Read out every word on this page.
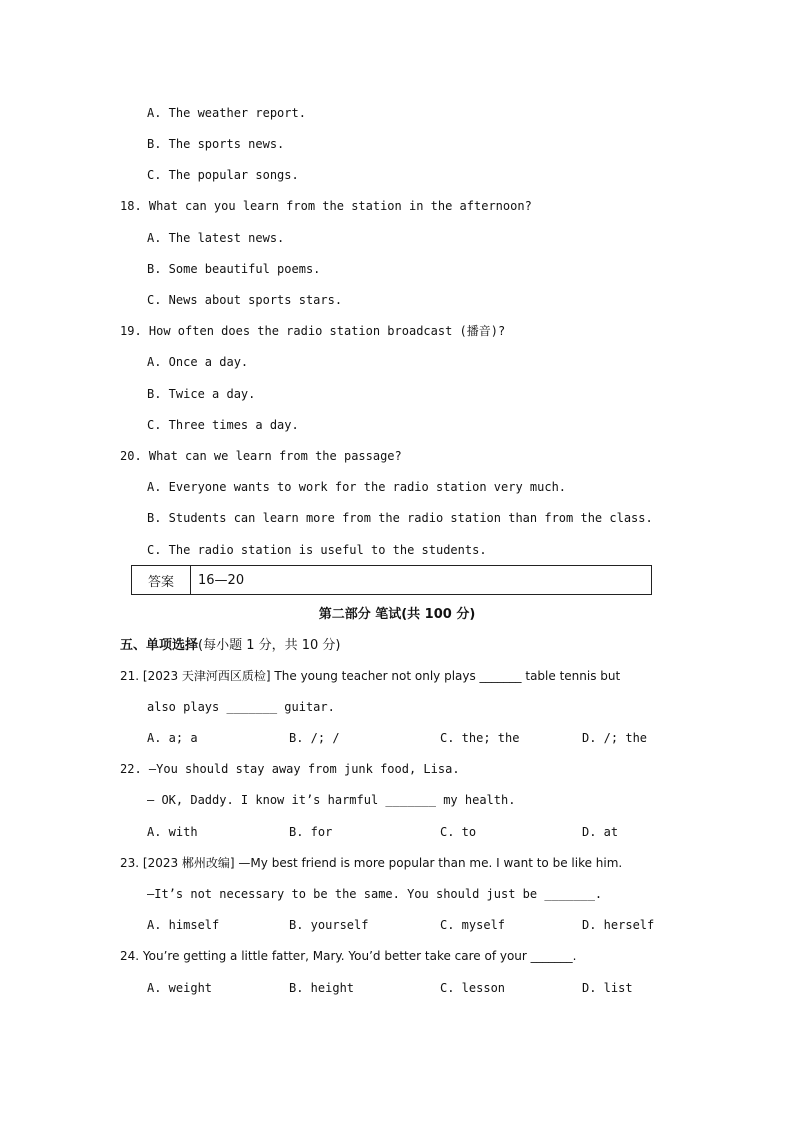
A. The weather report.
B. The sports news.
C. The popular songs.
18. What can you learn from the station in the afternoon?
A. The latest news.
B. Some beautiful poems.
C. News about sports stars.
19. How often does the radio station broadcast (播音)?
A. Once a day.
B. Twice a day.
C. Three times a day.
20. What can we learn from the passage?
A. Everyone wants to work for the radio station very much.
B. Students can learn more from the radio station than from the class.
C. The radio station is useful to the students.
答案	16—20
第二部分 笔试(共 100 分)
五、单项选择(每小题 1 分，共 10 分)
21. [2023 天津河西区质检] The young teacher not only plays _______ table tennis but
also plays _______ guitar.
A. a; a	B. /; /	C. the; the	D. /; the
22. —You should stay away from junk food, Lisa.
— OK, Daddy. I know it’s harmful _______ my health.
A. with	B. for	C. to	D. at
23. [2023 郴州改编] —My best friend is more popular than me. I want to be like him.
—It’s not necessary to be the same. You should just be _______.
A. himself	B. yourself	C. myself	D. herself
24. You’re getting a little fatter, Mary. You’d better take care of your _______.
A. weight	B. height	C. lesson	D. list
